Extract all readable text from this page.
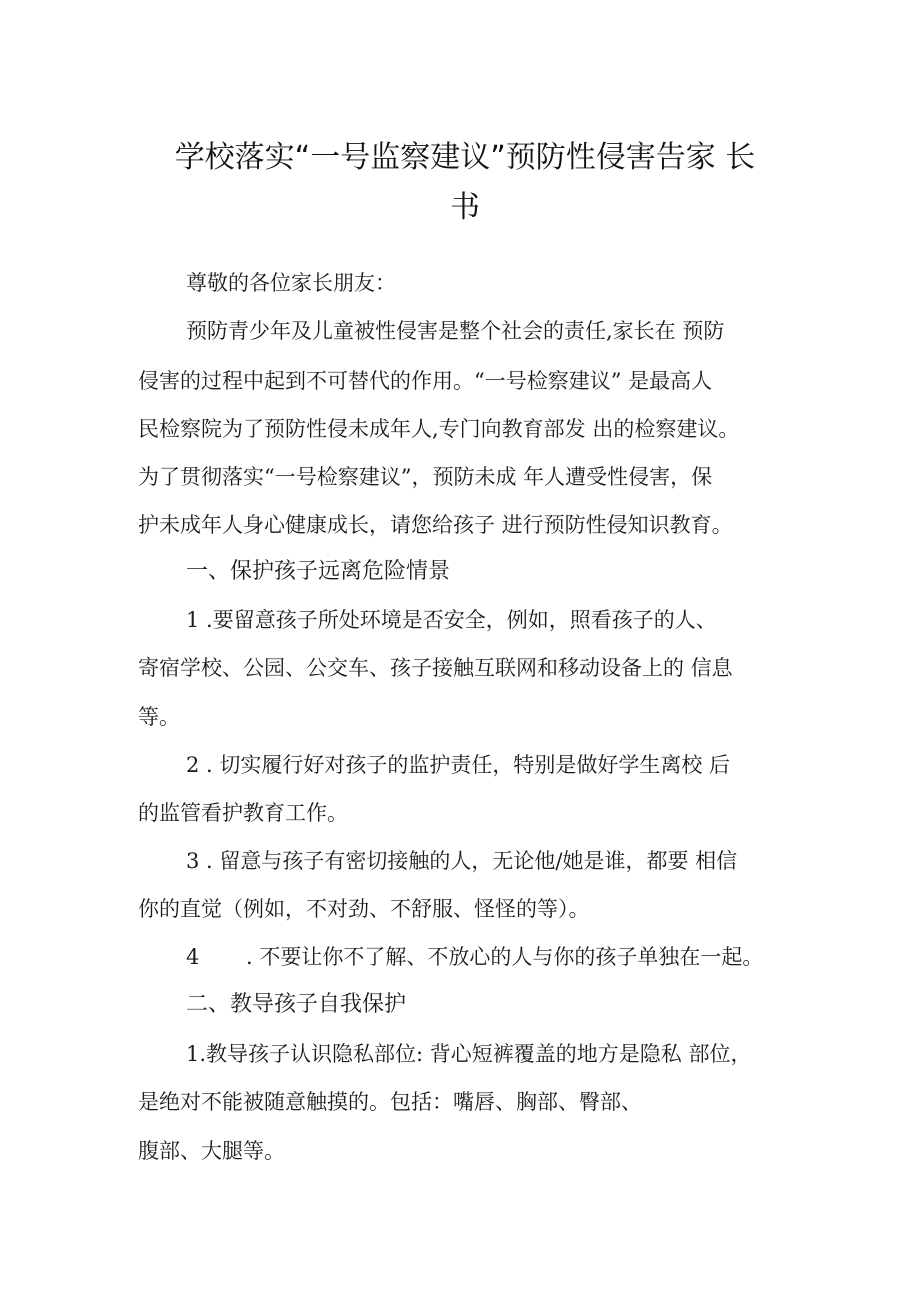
学校落实“一号监察建议”预防性侵害告家 长
书
尊敬的各位家长朋友：
预防青少年及儿童被性侵害是整个社会的责任,家长在 预防
侵害的过程中起到不可替代的作用。“一号检察建议” 是最高人
民检察院为了预防性侵未成年人,专门向教育部发 出的检察建议。
为了贯彻落实“一号检察建议”，预防未成 年人遭受性侵害，保
护未成年人身心健康成长，请您给孩子 进行预防性侵知识教育。
一、保护孩子远离危险情景
1 .要留意孩子所处环境是否安全，例如，照看孩子的人、
寄宿学校、公园、公交车、孩子接触互联网和移动设备上的 信息
等。
2 . 切实履行好对孩子的监护责任，特别是做好学生离校 后
的监管看护教育工作。
3 . 留意与孩子有密切接触的人，无论他/她是谁，都要 相信
你的直觉（例如，不对劲、不舒服、怪怪的等）。
4 . 不要让你不了解、不放心的人与你的孩子单独在一起。
二、教导孩子自我保护
1.教导孩子认识隐私部位: 背心短裤覆盖的地方是隐私 部位，
是绝对不能被随意触摸的。包括：嘴唇、胸部、臀部、
腹部、大腿等。
